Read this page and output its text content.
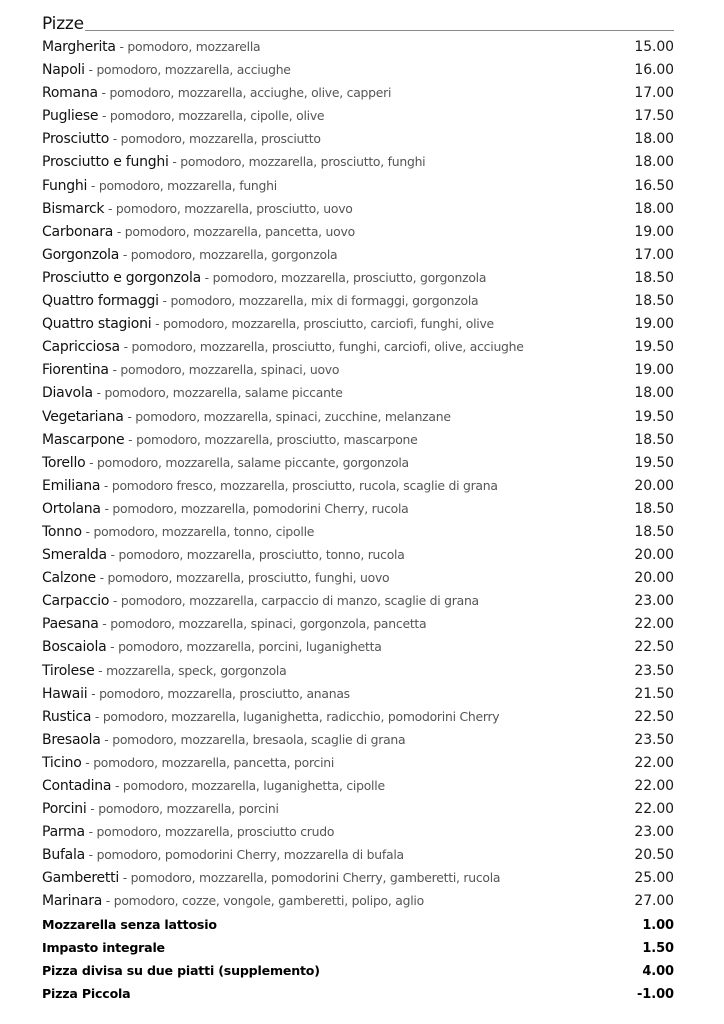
Pizze
Margherita - pomodoro, mozzarella	15.00
Napoli - pomodoro, mozzarella, acciughe	16.00
Romana - pomodoro, mozzarella, acciughe, olive, capperi	17.00
Pugliese - pomodoro, mozzarella, cipolle, olive	17.50
Prosciutto - pomodoro, mozzarella, prosciutto	18.00
Prosciutto e funghi - pomodoro, mozzarella, prosciutto, funghi	18.00
Funghi - pomodoro, mozzarella, funghi	16.50
Bismarck - pomodoro, mozzarella, prosciutto, uovo	18.00
Carbonara - pomodoro, mozzarella, pancetta, uovo	19.00
Gorgonzola - pomodoro, mozzarella, gorgonzola	17.00
Prosciutto e gorgonzola - pomodoro, mozzarella, prosciutto, gorgonzola	18.50
Quattro formaggi - pomodoro, mozzarella, mix di formaggi, gorgonzola	18.50
Quattro stagioni - pomodoro, mozzarella, prosciutto, carciofi, funghi, olive	19.00
Capricciosa - pomodoro, mozzarella, prosciutto, funghi, carciofi, olive, acciughe	19.50
Fiorentina - pomodoro, mozzarella, spinaci, uovo	19.00
Diavola - pomodoro, mozzarella, salame piccante	18.00
Vegetariana - pomodoro, mozzarella, spinaci, zucchine, melanzane	19.50
Mascarpone - pomodoro, mozzarella, prosciutto, mascarpone	18.50
Torello - pomodoro, mozzarella, salame piccante, gorgonzola	19.50
Emiliana - pomodoro fresco, mozzarella, prosciutto, rucola, scaglie di grana	20.00
Ortolana - pomodoro, mozzarella, pomodorini Cherry, rucola	18.50
Tonno - pomodoro, mozzarella, tonno, cipolle	18.50
Smeralda - pomodoro, mozzarella, prosciutto, tonno, rucola	20.00
Calzone - pomodoro, mozzarella, prosciutto, funghi, uovo	20.00
Carpaccio - pomodoro, mozzarella, carpaccio di manzo, scaglie di grana	23.00
Paesana - pomodoro, mozzarella, spinaci, gorgonzola, pancetta	22.00
Boscaiola - pomodoro, mozzarella, porcini, luganighetta	22.50
Tirolese - mozzarella, speck, gorgonzola	23.50
Hawaii - pomodoro, mozzarella, prosciutto, ananas	21.50
Rustica - pomodoro, mozzarella, luganighetta, radicchio, pomodorini Cherry	22.50
Bresaola - pomodoro, mozzarella, bresaola, scaglie di grana	23.50
Ticino - pomodoro, mozzarella, pancetta, porcini	22.00
Contadina - pomodoro, mozzarella, luganighetta, cipolle	22.00
Porcini - pomodoro, mozzarella, porcini	22.00
Parma - pomodoro, mozzarella, prosciutto crudo	23.00
Bufala - pomodoro, pomodorini Cherry, mozzarella di bufala	20.50
Gamberetti - pomodoro, mozzarella, pomodorini Cherry, gamberetti, rucola	25.00
Marinara - pomodoro, cozze, vongole, gamberetti, polipo, aglio	27.00
Mozzarella senza lattosio	1.00
Impasto integrale	1.50
Pizza divisa su due piatti (supplemento)	4.00
Pizza Piccola	-1.00
